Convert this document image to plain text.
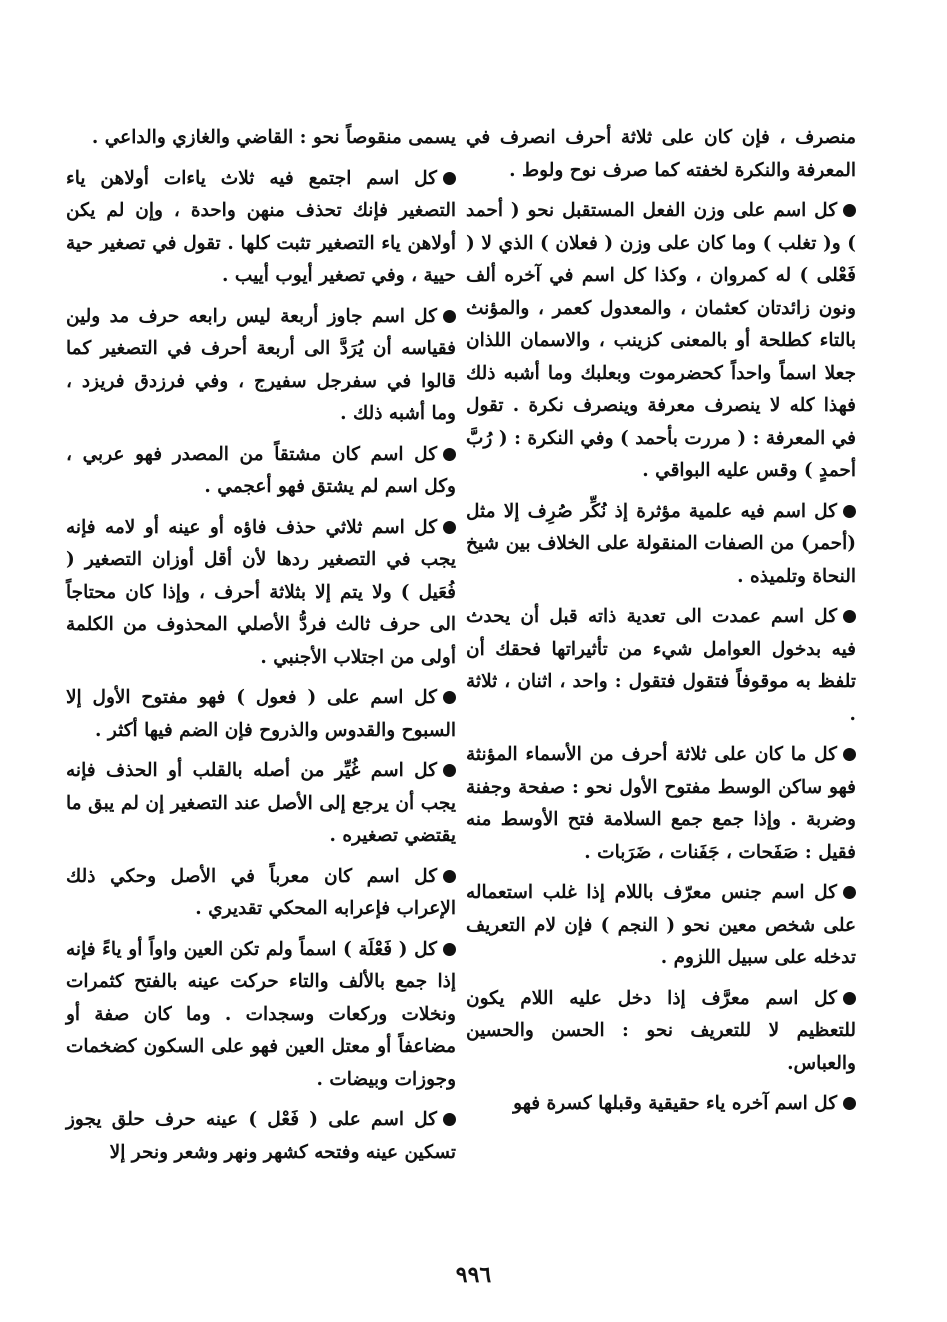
منصرف ، فإن كان على ثلاثة أحرف انصرف في المعرفة والنكرة لخفته كما صرف نوح ولوط .

كل اسم على وزن الفعل المستقبل نحو ( أحمد ) و( تغلب ) وما كان على وزن ( فعلان ) الذي لا ( فَعْلى ) له كمروان ، وكذا كل اسم في آخره ألف ونون زائدتان كعثمان ، والمعدول كعمر ، والمؤنث بالتاء كطلحة أو بالمعنى كزينب ، والاسمان اللذان جعلا اسماً واحداً كحضرموت وبعلبك وما أشبه ذلك فهذا كله لا ينصرف معرفة وينصرف نكرة . تقول في المعرفة : ( مررت بأحمد ) وفي النكرة : ( رُبَّ أحمدٍ ) وقس عليه البواقي .

كل اسم فيه علمية مؤثرة إذ نُكِّر صُرِف إلا مثل (أحمر) من الصفات المنقولة على الخلاف بين شيخ النحاة وتلميذه .

كل اسم عمدت الى تعدية ذاته قبل أن يحدث فيه بدخول العوامل شيء من تأثيراتها فحقك أن تلفظ به موقوفاً فتقول فتقول : واحد ، اثنان ، ثلاثة .

كل ما كان على ثلاثة أحرف من الأسماء المؤنثة فهو ساكن الوسط مفتوح الأول نحو : صفحة وجفنة وضربة . وإذا جمع جمع السلامة فتح الأوسط منه فقيل : صَفَحات ، جَفَنات ، ضَرَبات .

كل اسم جنس معرّف باللام إذا غلب استعماله على شخص معين نحو ( النجم ) فإن لام التعريف تدخله على سبيل اللزوم .

كل اسم معرَّف إذا دخل عليه اللام يكون للتعظيم لا للتعريف نحو : الحسن والحسين والعباس.

كل اسم آخره ياء حقيقية وقبلها كسرة فهو

يسمى منقوصاً نحو : القاضي والغازي والداعي .

كل اسم اجتمع فيه ثلاث ياءات أولاهن ياء التصغير فإنك تحذف منهن واحدة ، وإن لم يكن أولاهن ياء التصغير تثبت كلها . تقول في تصغير حية حيية ، وفي تصغير أيوب أييب .

كل اسم جاوز أربعة ليس رابعه حرف مد ولين فقياسه أن يُرَدَّ الى أربعة أحرف في التصغير كما قالوا في سفرجل سفيرج ، وفي فرزدق فريزد ، وما أشبه ذلك .

كل اسم كان مشتقاً من المصدر فهو عربي ، وكل اسم لم يشتق فهو أعجمي .

كل اسم ثلاثي حذف فاؤه أو عينه أو لامه فإنه يجب في التصغير ردها لأن أقل أوزان التصغير ( فُعَيل ) ولا يتم إلا بثلاثة أحرف ، وإذا كان محتاجاً الى حرف ثالث فردُّ الأصلي المحذوف من الكلمة أولى من اجتلاب الأجنبي .

كل اسم على ( فعول ) فهو مفتوح الأول إلا السبوح والقدوس والذروح فإن الضم فيها أكثر .

كل اسم غُيِّر من أصله بالقلب أو الحذف فإنه يجب أن يرجع إلى الأصل عند التصغير إن لم يبق ما يقتضي تصغيره .

كل اسم كان معرباً في الأصل وحكي ذلك الإعراب فإعرابه المحكي تقديري .

كل ( فَعْلَة ) اسماً ولم تكن العين واواً أو ياءً فإنه إذا جمع بالألف والتاء حركت عينه بالفتح كثمرات ونخلات وركعات وسجدات . وما كان صفة أو مضاعفاً أو معتل العين فهو على السكون كضخمات وجوزات وبيضات .

كل اسم على ( فَعْل ) عينه حرف حلق يجوز تسكين عينه وفتحه كشهر ونهر وشعر ونحر إلا

٩٩٦
